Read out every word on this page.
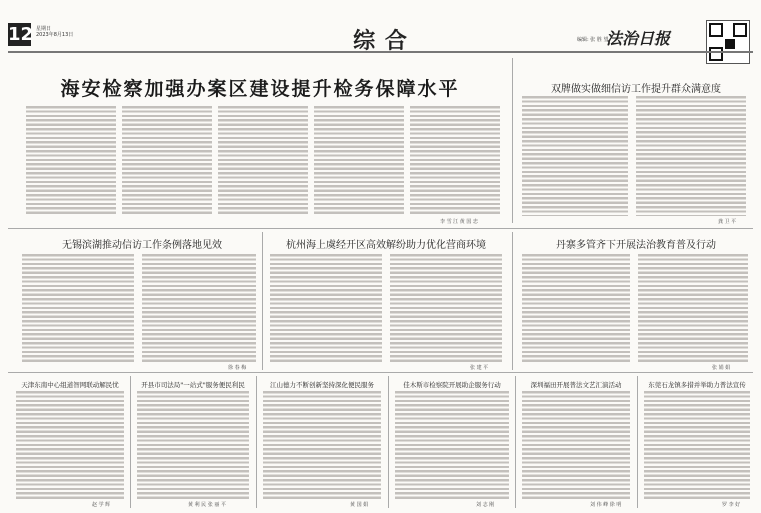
12 星期日
2023年8月13日	综 合	编辑: 张 胜 望
法治日报
海安检察加强办案区建设提升检务保障水平
李 雪 江 黄 国 忠
双牌做实做细信访工作提升群众满意度
龚 卫 平
无锡滨湖推动信访工作条例落地见效
徐 春 梅
杭州海上虞经开区高效解纷助力优化营商环境
张 建 平
丹寨多管齐下开展法治教育普及行动
张 娟 娟
天津东南中心组道智网联动解民忧
赵 学 辉
开县市司法局"一站式"服务便民利民
黄 利 民 张 丽 平
江山德力不断创新坚持深化便民服务
黄 国 娟
佳木斯市检察院开展助企服务行动
刘 志 刚
深圳福田开展普法文艺汇演活动
刘 伟 峰 徐 明
东莞石龙镇多措并举助力普法宣传
罗 李 好
